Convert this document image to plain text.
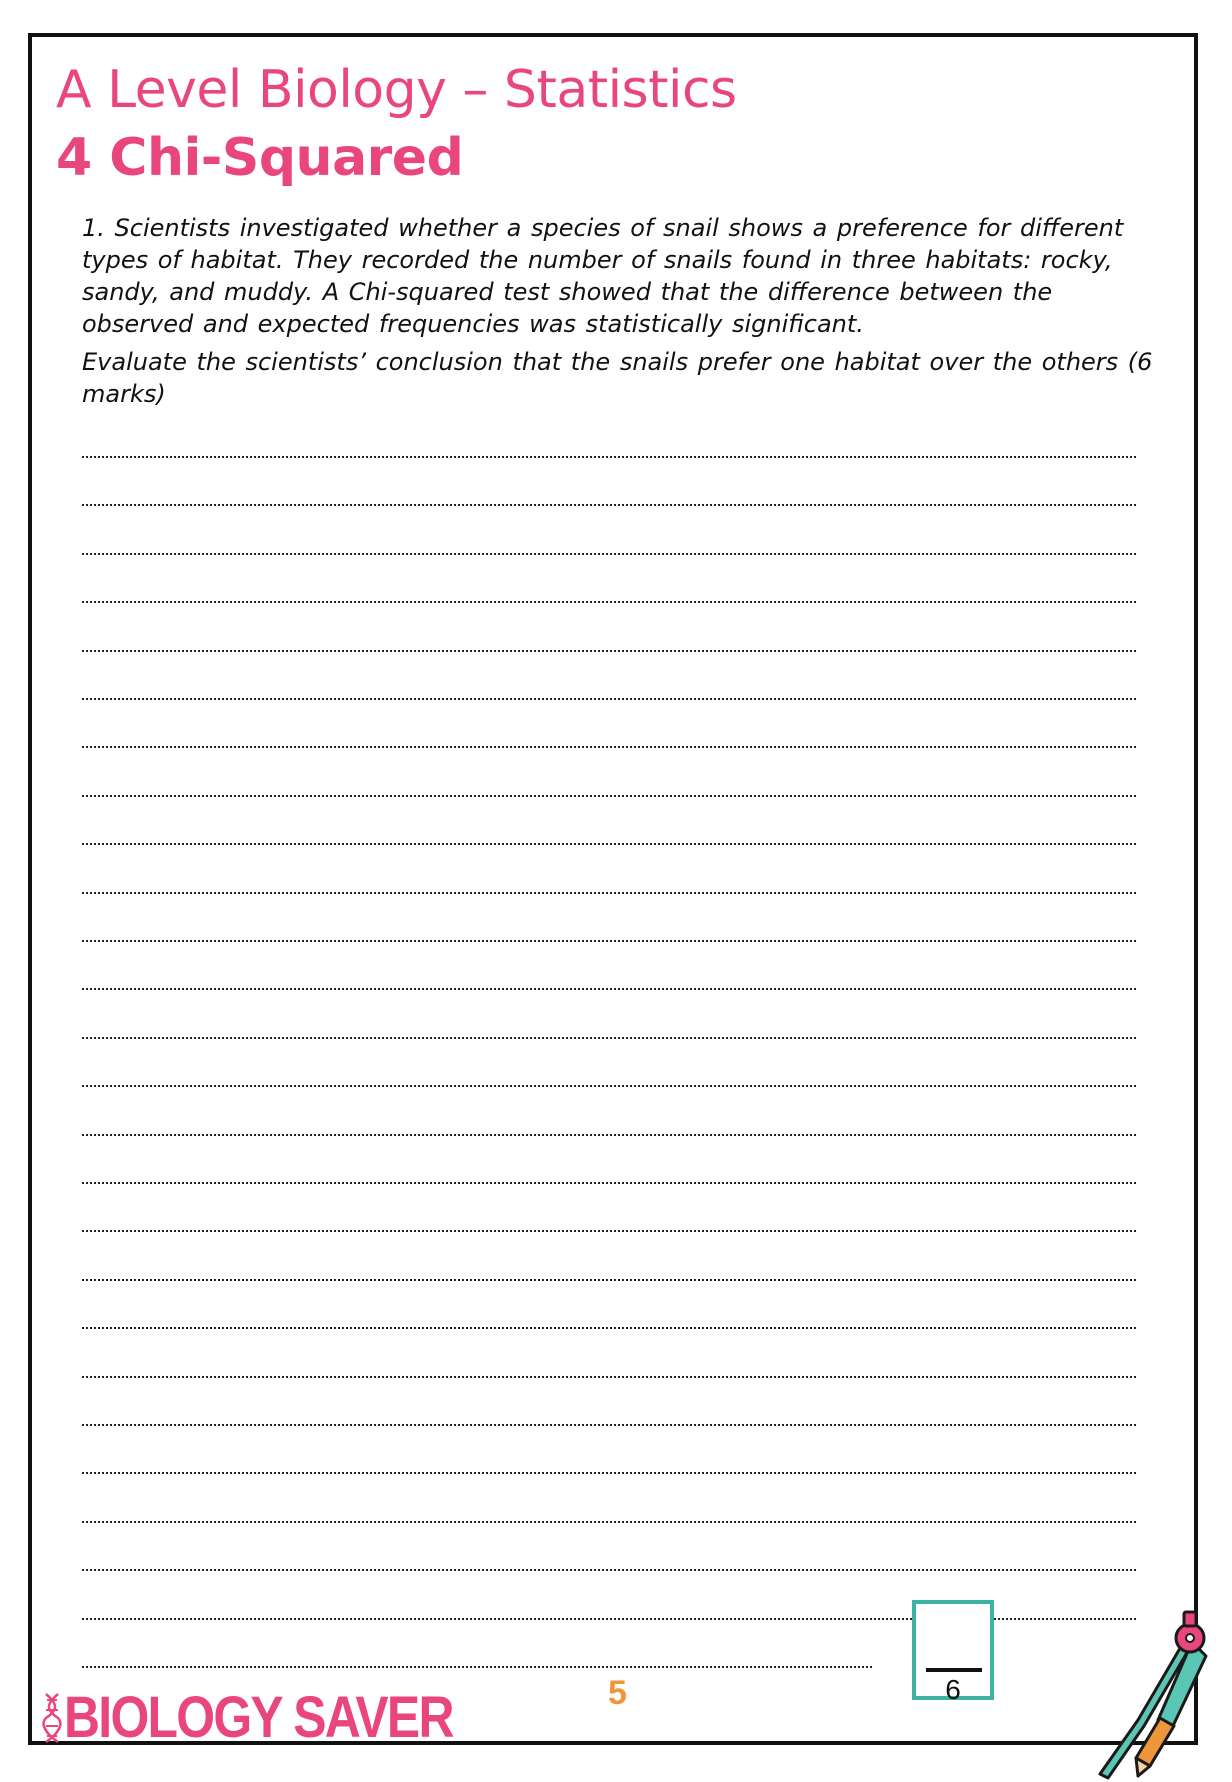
A Level Biology – Statistics
4 Chi-Squared

1. Scientists investigated whether a species of snail shows a preference for different types of habitat. They recorded the number of snails found in three habitats: rocky, sandy, and muddy. A Chi-squared test showed that the difference between the observed and expected frequencies was statistically significant.

Evaluate the scientists’ conclusion that the snails prefer one habitat over the others (6 marks)

6
5
BIOLOGY SAVER
